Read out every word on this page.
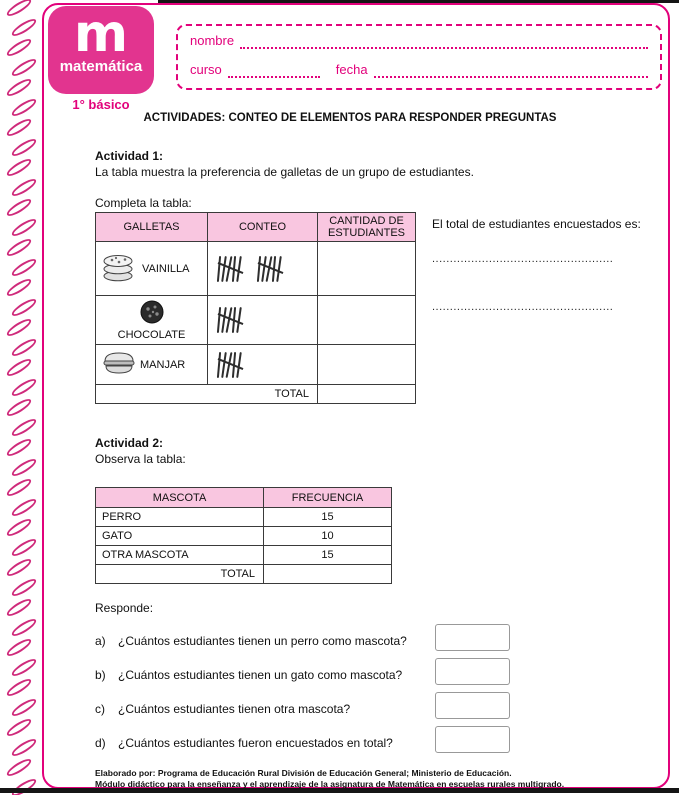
m
matemática
1° básico
nombre
curso	fecha
ACTIVIDADES: CONTEO DE ELEMENTOS PARA RESPONDER PREGUNTAS
Actividad 1:
La tabla muestra la preferencia de galletas de un grupo de estudiantes.
Completa la tabla:
GALLETAS	CONTEO	CANTIDAD DE ESTUDIANTES

VAINILLA		

CHOCOLATE		

MANJAR		

TOTAL		
El total de estudiantes encuestados es:
...................................................
...................................................
Actividad 2:
Observa la tabla:
MASCOTA	FRECUENCIA
PERRO	15
GATO	10
OTRA MASCOTA	15
TOTAL	
Responde:
a) ¿Cuántos estudiantes tienen un perro como mascota?
b) ¿Cuántos estudiantes tienen un gato como mascota?
c) ¿Cuántos estudiantes tienen otra mascota?
d) ¿Cuántos estudiantes fueron encuestados en total?
Elaborado por: Programa de Educación Rural División de Educación General; Ministerio de Educación.
Módulo didáctico para la enseñanza y el aprendizaje de la asignatura de Matemática en escuelas rurales multigrado.
